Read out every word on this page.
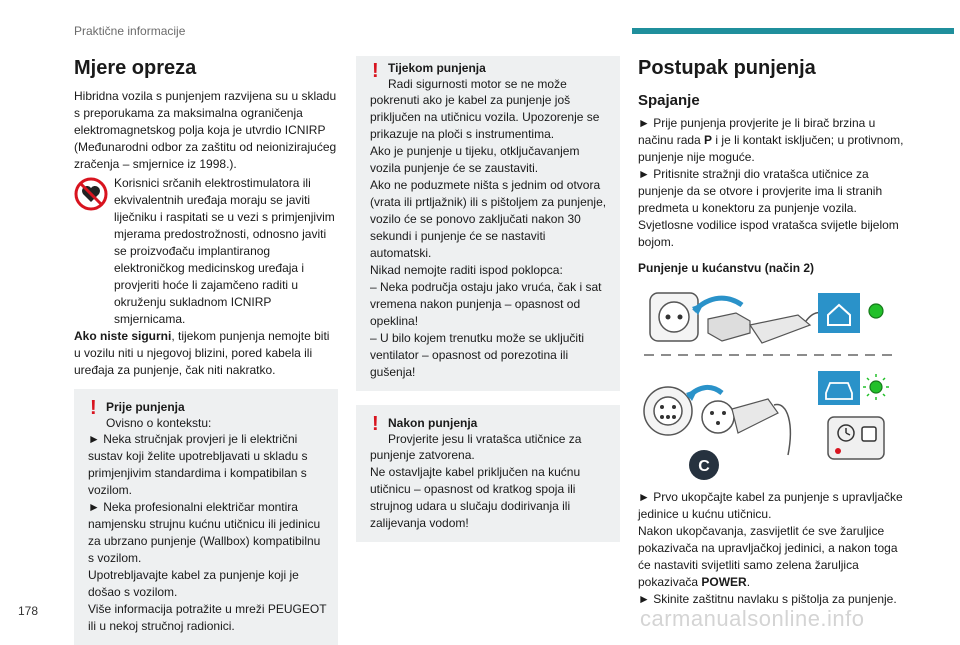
Praktične informacije
Mjere opreza

Hibridna vozila s punjenjem razvijena su u skladu s preporukama za maksimalna ograničenja elektromagnetskog polja koja je utvrdio ICNIRP (Međunarodni odbor za zaštitu od neionizirajućeg zračenja – smjernice iz 1998.).

Korisnici srčanih elektrostimulatora ili ekvivalentnih uređaja moraju se javiti liječniku i raspitati se u vezi s primjenjivim mjerama predostrožnosti, odnosno javiti se proizvođaču implantiranog elektroničkog medicinskog uređaja i provjeriti hoće li zajamčeno raditi u okruženju sukladnom ICNIRP smjernicama.

Ako niste sigurni, tijekom punjenja nemojte biti u vozilu niti u njegovoj blizini, pored kabela ili uređaja za punjenje, čak niti nakratko.

! Prije punjenja
Ovisno o kontekstu:

► Neka stručnjak provjeri je li električni sustav koji želite upotrebljavati u skladu s primjenjivim standardima i kompatibilan s vozilom.
► Neka profesionalni električar montira namjensku strujnu kućnu utičnicu ili jedinicu za ubrzano punjenje (Wallbox) kompatibilnu s vozilom.
Upotrebljavajte kabel za punjenje koji je došao s vozilom.
Više informacija potražite u mreži PEUGEOT ili u nekoj stručnoj radionici.

! Tijekom punjenja
Radi sigurnosti motor se ne može

pokrenuti ako je kabel za punjenje još priključen na utičnicu vozila. Upozorenje se prikazuje na ploči s instrumentima.
Ako je punjenje u tijeku, otključavanjem vozila punjenje će se zaustaviti.
Ako ne poduzmete ništa s jednim od otvora (vrata ili prtljažnik) ili s pištoljem za punjenje, vozilo će se ponovo zaključati nakon 30 sekundi i punjenje će se nastaviti automatski.
Nikad nemojte raditi ispod poklopca:
– Neka područja ostaju jako vruća, čak i sat vremena nakon punjenja – opasnost od opeklina!
– U bilo kojem trenutku može se uključiti ventilator – opasnost od porezotina ili gušenja!

! Nakon punjenja
Provjerite jesu li vratašca utičnice za

punjenje zatvorena.
Ne ostavljajte kabel priključen na kućnu utičnicu – opasnost od kratkog spoja ili strujnog udara u slučaju dodirivanja ili zalijevanja vodom!

Postupak punjenja
Spajanje

► Prije punjenja provjerite je li birač brzina u načinu rada P i je li kontakt isključen; u protivnom, punjenje nije moguće.

► Pritisnite stražnji dio vratašca utičnice za punjenje da se otvore i provjerite ima li stranih predmeta u konektoru za punjenje vozila.
Svjetlosne vodilice ispod vratašca svijetle bijelom bojom.

Punjenje u kućanstvu (način 2)
C

► Prvo ukopčajte kabel za punjenje s upravljačke jedinice u kućnu utičnicu.
Nakon ukopčavanja, zasvijetlit će sve žaruljice pokazivača na upravljačkoj jedinici, a nakon toga će nastaviti svijetliti samo zelena žaruljica pokazivača POWER.

► Skinite zaštitnu navlaku s pištolja za punjenje.

178	carmanualsonline.info
